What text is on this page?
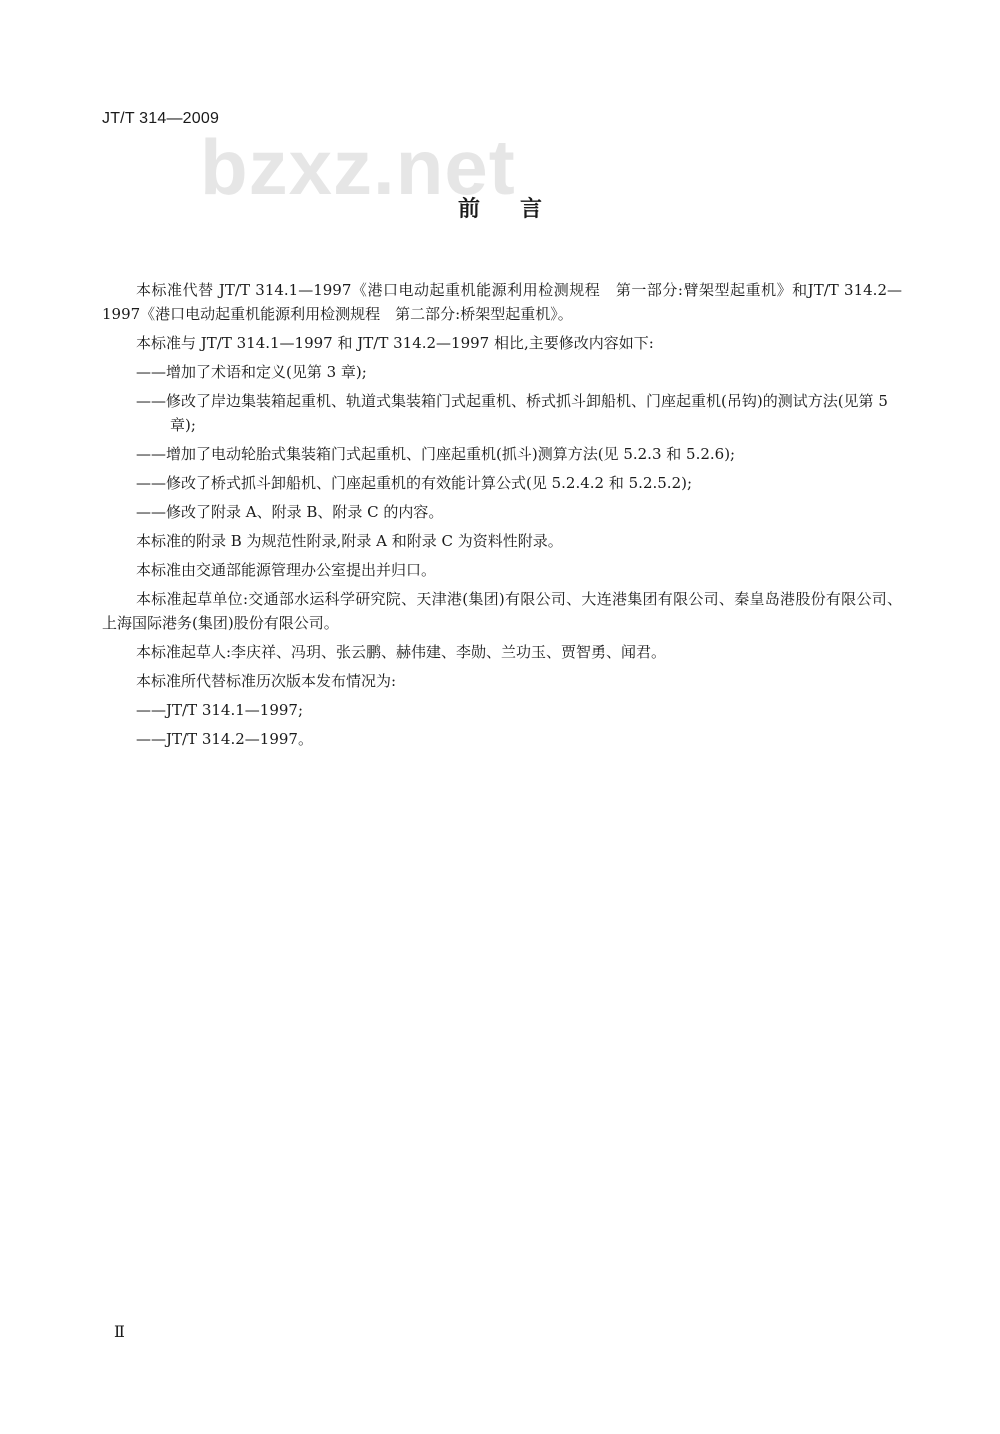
JT/T 314—2009
bzxz.net
前言

本标准代替 JT/T 314.1—1997《港口电动起重机能源利用检测规程　第一部分:臂架型起重机》和JT/T 314.2—1997《港口电动起重机能源利用检测规程　第二部分:桥架型起重机》。

本标准与 JT/T 314.1—1997 和 JT/T 314.2—1997 相比,主要修改内容如下:

——增加了术语和定义(见第 3 章);

——修改了岸边集装箱起重机、轨道式集装箱门式起重机、桥式抓斗卸船机、门座起重机(吊钩)的测试方法(见第 5 章);

——增加了电动轮胎式集装箱门式起重机、门座起重机(抓斗)测算方法(见 5.2.3 和 5.2.6);

——修改了桥式抓斗卸船机、门座起重机的有效能计算公式(见 5.2.4.2 和 5.2.5.2);

——修改了附录 A、附录 B、附录 C 的内容。

本标准的附录 B 为规范性附录,附录 A 和附录 C 为资料性附录。

本标准由交通部能源管理办公室提出并归口。

本标准起草单位:交通部水运科学研究院、天津港(集团)有限公司、大连港集团有限公司、秦皇岛港股份有限公司、上海国际港务(集团)股份有限公司。

本标准起草人:李庆祥、冯玥、张云鹏、赫伟建、李勋、兰功玉、贾智勇、闻君。

本标准所代替标准历次版本发布情况为:

——JT/T 314.1—1997;

——JT/T 314.2—1997。

Ⅱ
